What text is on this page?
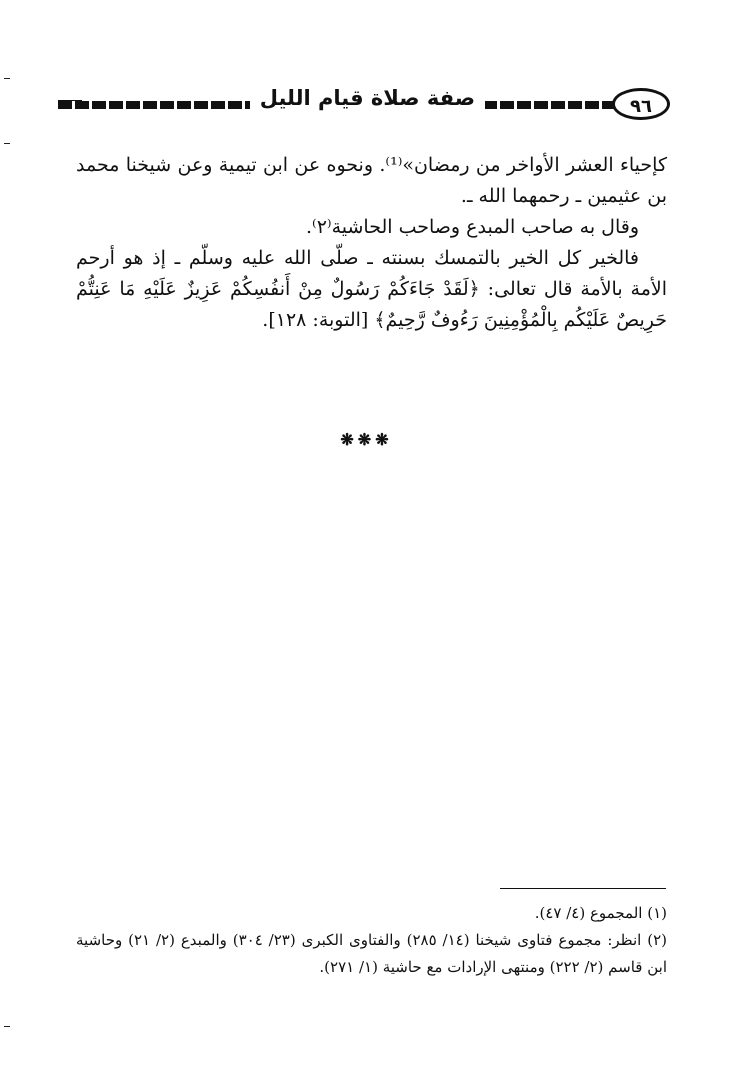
صفة صلاة قيام الليل	٩٦

كإحياء العشر الأواخر من رمضان»⁽¹⁾. ونحوه عن ابن تيمية وعن شيخنا محمد بن عثيمين ـ رحمهما الله ـ.

وقال به صاحب المبدع وصاحب الحاشية⁽٢⁾.

فالخير كل الخير بالتمسك بسنته ـ صلّى الله عليه وسلّم ـ إذ هو أرحم الأمة بالأمة قال تعالى: ﴿لَقَدْ جَاءَكُمْ رَسُولٌ مِنْ أَنفُسِكُمْ عَزِيزٌ عَلَيْهِ مَا عَنِتُّمْ حَرِيصٌ عَلَيْكُم بِالْمُؤْمِنِينَ رَءُوفٌ رَّحِيمٌ﴾ [التوبة: ١٢٨].

❋❋❋

(١) المجموع (٤/ ٤٧).

(٢) انظر: مجموع فتاوى شيخنا (١٤/ ٢٨٥) والفتاوى الكبرى (٢٣/ ٣٠٤) والمبدع (٢/ ٢١) وحاشية ابن قاسم (٢/ ٢٢٢) ومنتهى الإرادات مع حاشية (١/ ٢٧١).
